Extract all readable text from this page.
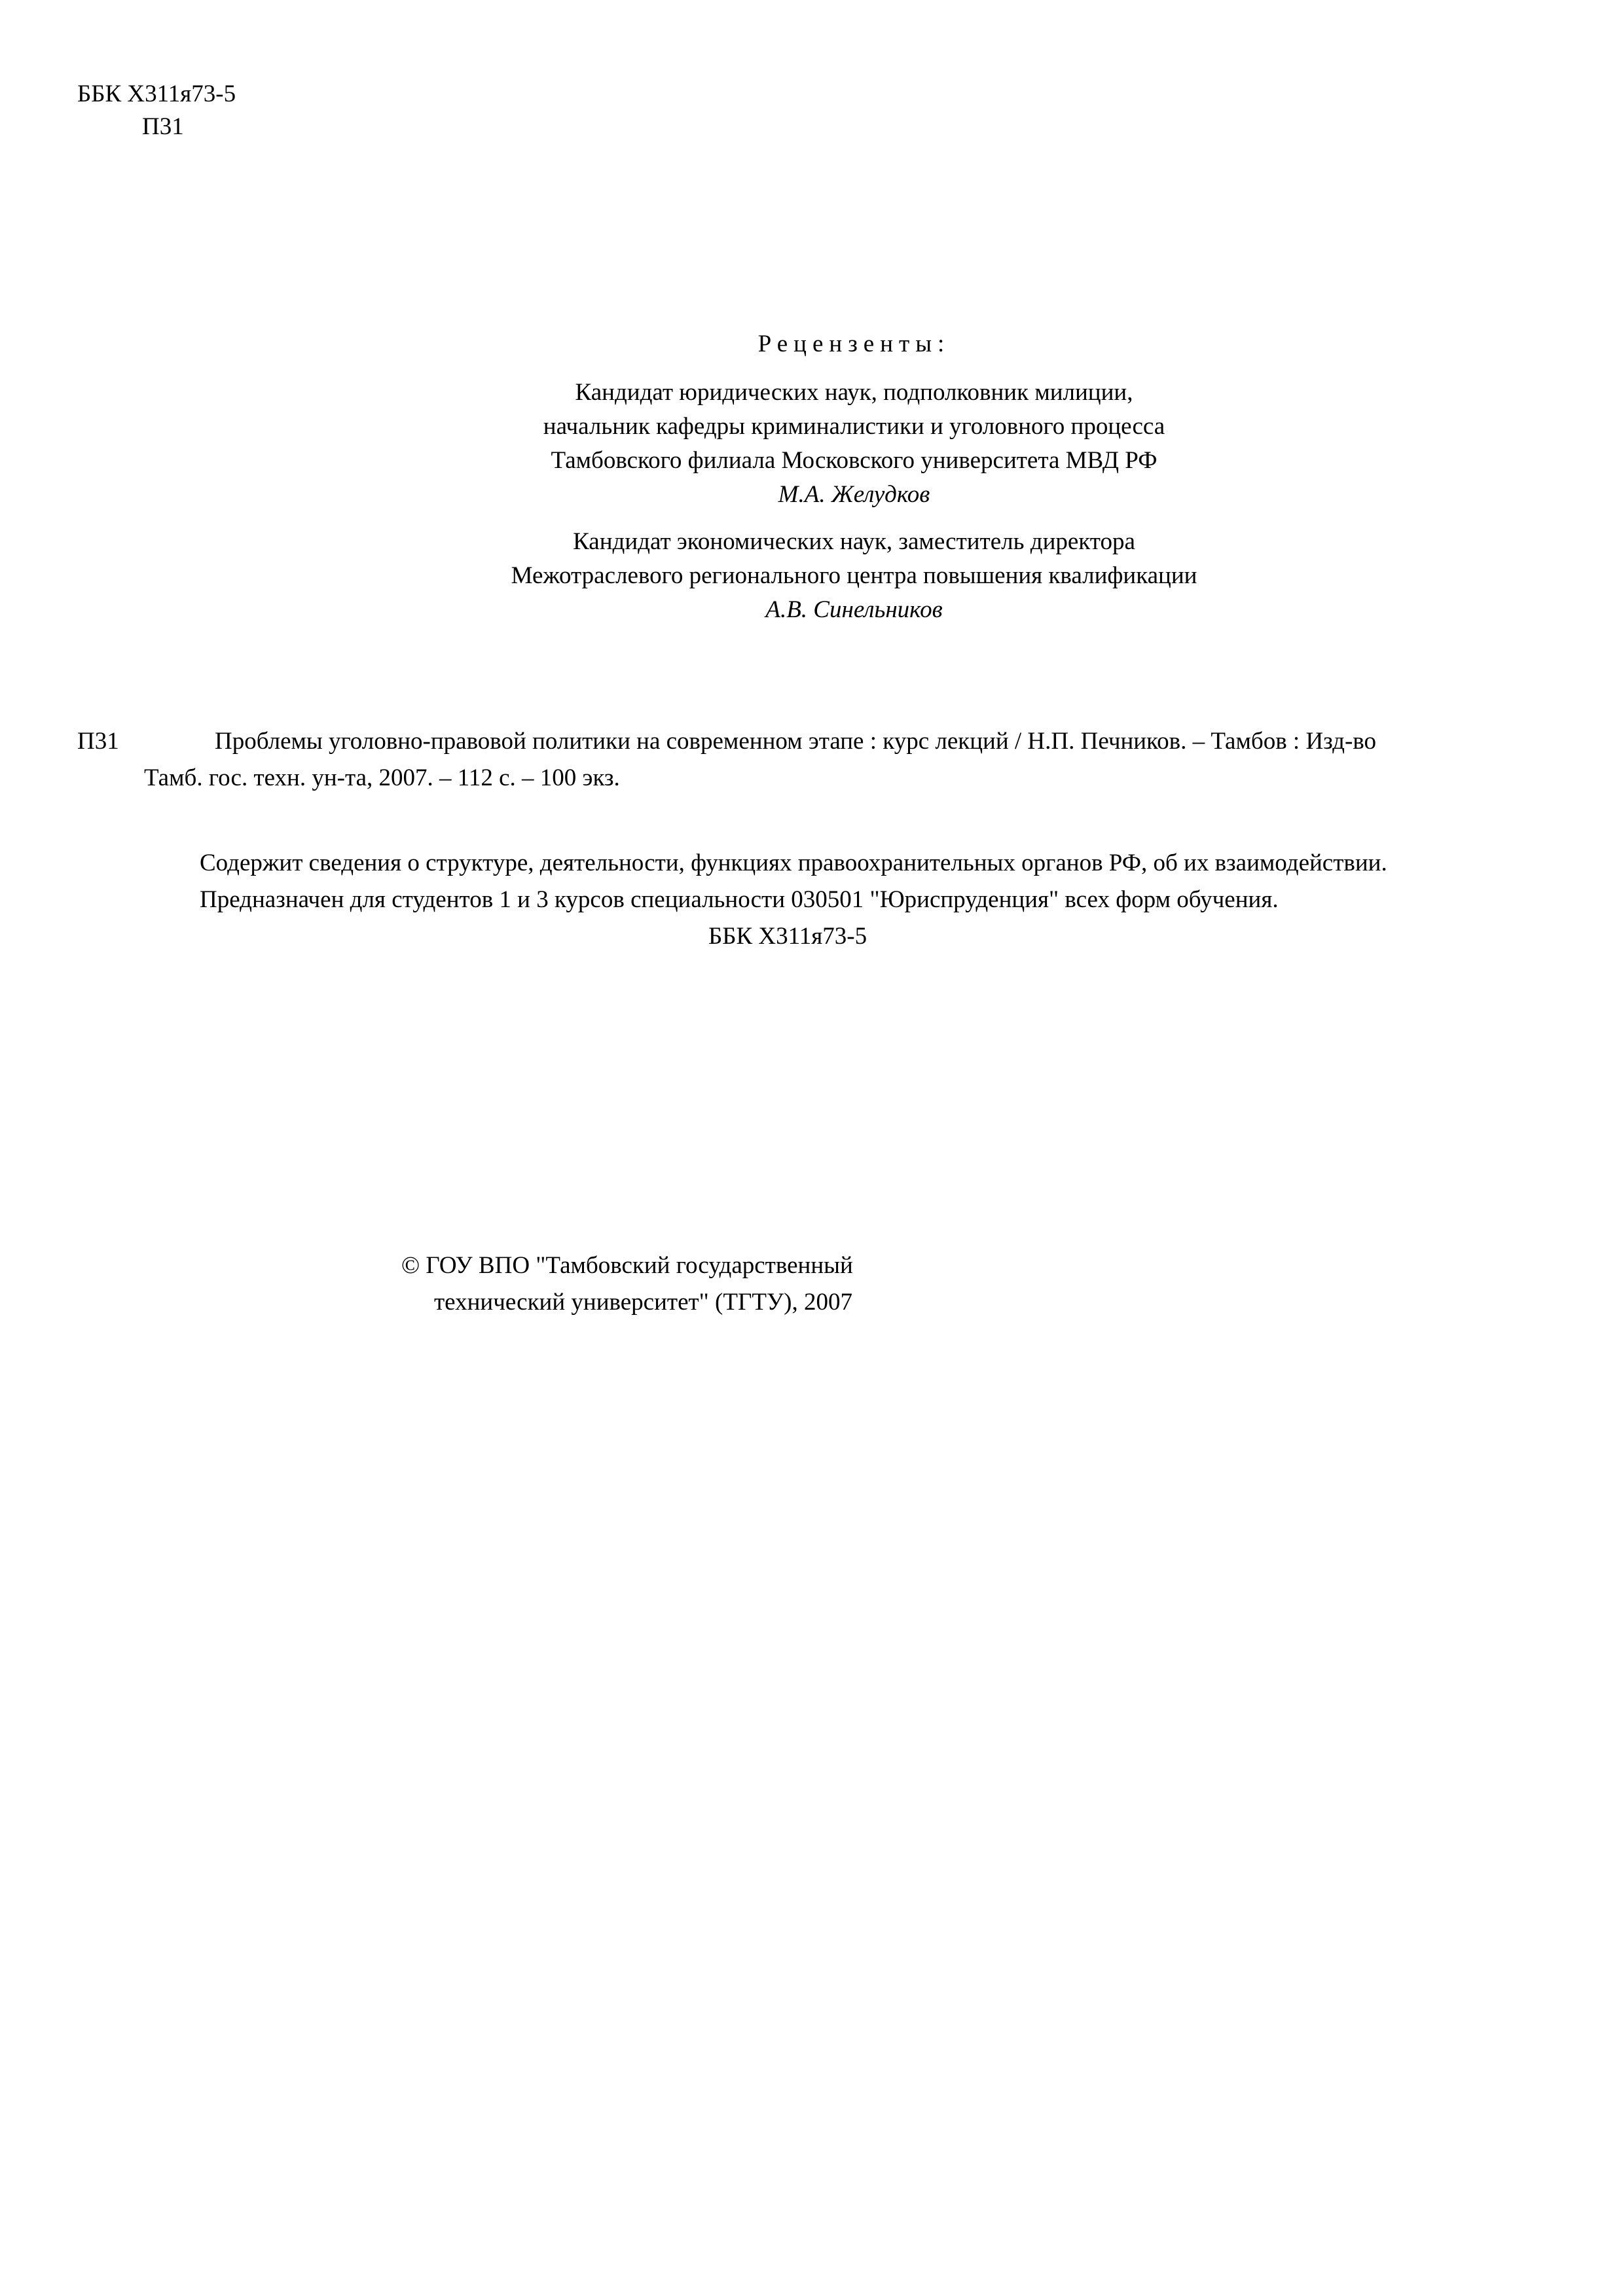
ББК Х311я73-5
П31
Рецензенты:
Кандидат юридических наук, подполковник милиции,
начальник кафедры криминалистики и уголовного процесса
Тамбовского филиала Московского университета МВД РФ
М.А. Желудков
Кандидат экономических наук, заместитель директора
Межотраслевого регионального центра повышения квалификации
А.В. Синельников
П31	Проблемы уголовно-правовой политики на современном этапе : курс лекций / Н.П. Печников. – Тамбов : Изд-во
Тамб. гос. техн. ун-та, 2007. – 112 с. – 100 экз.
Содержит сведения о структуре, деятельности, функциях правоохранительных органов РФ, об их взаимодействии.
Предназначен для студентов 1 и 3 курсов специальности 030501 "Юриспруденция" всех форм обучения.
ББК Х311я73-5
© ГОУ ВПО "Тамбовский государственный
технический университет" (ТГТУ), 2007
